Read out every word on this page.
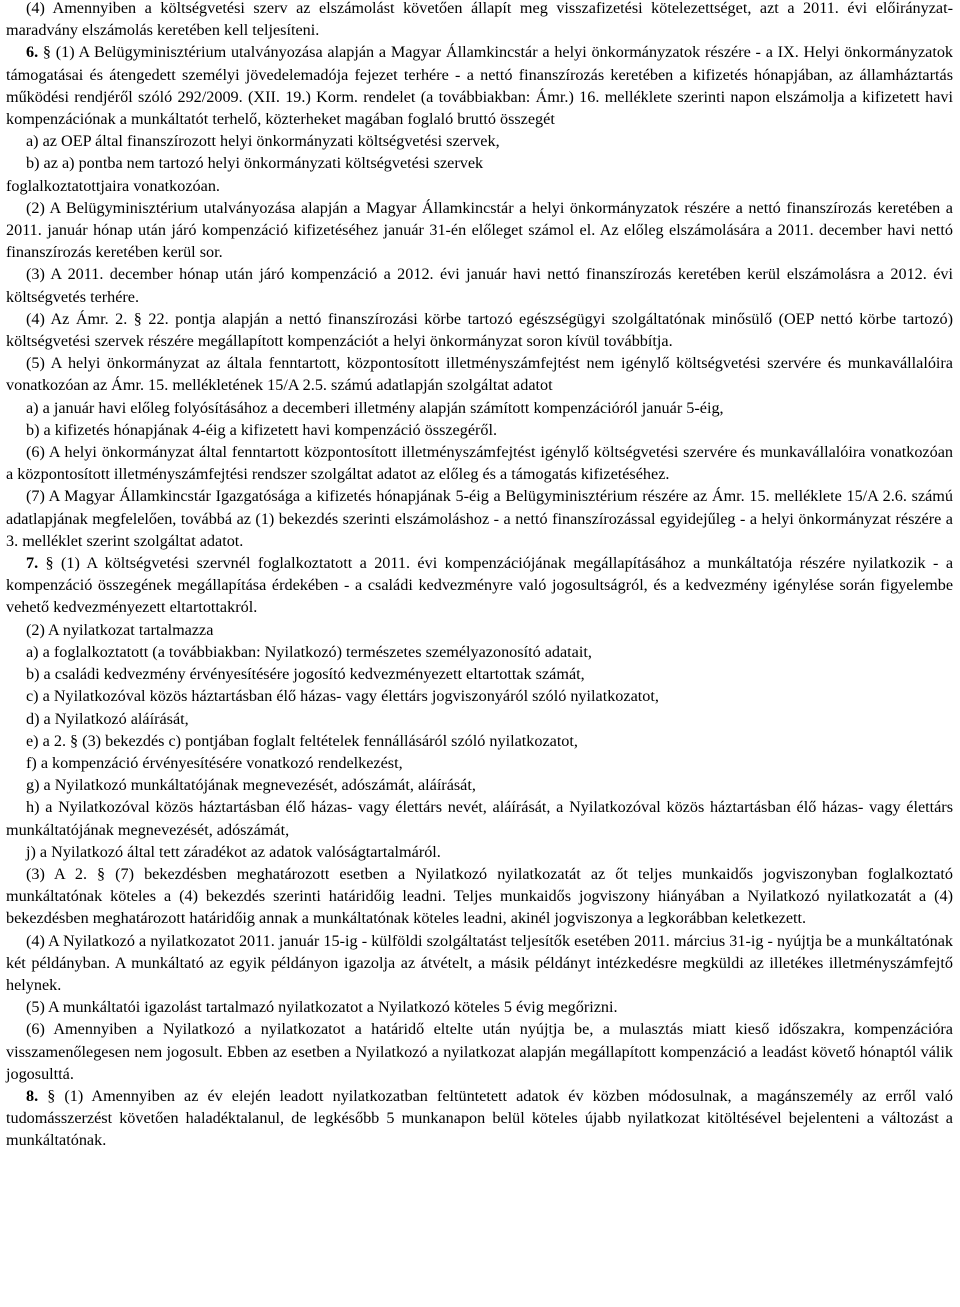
(4) Amennyiben a költségvetési szerv az elszámolást követően állapít meg visszafizetési kötelezettséget, azt a 2011. évi előirányzat-maradvány elszámolás keretében kell teljesíteni.

6. § (1) A Belügyminisztérium utalványozása alapján a Magyar Államkincstár a helyi önkormányzatok részére - a IX. Helyi önkormányzatok támogatásai és átengedett személyi jövedelemadója fejezet terhére - a nettó finanszírozás keretében a kifizetés hónapjában, az államháztartás működési rendjéről szóló 292/2009. (XII. 19.) Korm. rendelet (a továbbiakban: Ámr.) 16. melléklete szerinti napon elszámolja a kifizetett havi kompenzációnak a munkáltatót terhelő, közterheket magában foglaló bruttó összegét

a) az OEP által finanszírozott helyi önkormányzati költségvetési szervek,

b) az a) pontba nem tartozó helyi önkormányzati költségvetési szervek

foglalkoztatottjaira vonatkozóan.

(2) A Belügyminisztérium utalványozása alapján a Magyar Államkincstár a helyi önkormányzatok részére a nettó finanszírozás keretében a 2011. január hónap után járó kompenzáció kifizetéséhez január 31-én előleget számol el. Az előleg elszámolására a 2011. december havi nettó finanszírozás keretében kerül sor.

(3) A 2011. december hónap után járó kompenzáció a 2012. évi január havi nettó finanszírozás keretében kerül elszámolásra a 2012. évi költségvetés terhére.

(4) Az Ámr. 2. § 22. pontja alapján a nettó finanszírozási körbe tartozó egészségügyi szolgáltatónak minősülő (OEP nettó körbe tartozó) költségvetési szervek részére megállapított kompenzációt a helyi önkormányzat soron kívül továbbítja.

(5) A helyi önkormányzat az általa fenntartott, központosított illetményszámfejtést nem igénylő költségvetési szervére és munkavállalóira vonatkozóan az Ámr. 15. mellékletének 15/A 2.5. számú adatlapján szolgáltat adatot

a) a január havi előleg folyósításához a decemberi illetmény alapján számított kompenzációról január 5-éig,

b) a kifizetés hónapjának 4-éig a kifizetett havi kompenzáció összegéről.

(6) A helyi önkormányzat által fenntartott központosított illetményszámfejtést igénylő költségvetési szervére és munkavállalóira vonatkozóan a központosított illetményszámfejtési rendszer szolgáltat adatot az előleg és a támogatás kifizetéséhez.

(7) A Magyar Államkincstár Igazgatósága a kifizetés hónapjának 5-éig a Belügyminisztérium részére az Ámr. 15. melléklete 15/A 2.6. számú adatlapjának megfelelően, továbbá az (1) bekezdés szerinti elszámoláshoz - a nettó finanszírozással egyidejűleg - a helyi önkormányzat részére a 3. melléklet szerint szolgáltat adatot.

7. § (1) A költségvetési szervnél foglalkoztatott a 2011. évi kompenzációjának megállapításához a munkáltatója részére nyilatkozik - a kompenzáció összegének megállapítása érdekében - a családi kedvezményre való jogosultságról, és a kedvezmény igénylése során figyelembe vehető kedvezményezett eltartottakról.

(2) A nyilatkozat tartalmazza

a) a foglalkoztatott (a továbbiakban: Nyilatkozó) természetes személyazonosító adatait,

b) a családi kedvezmény érvényesítésére jogosító kedvezményezett eltartottak számát,

c) a Nyilatkozóval közös háztartásban élő házas- vagy élettárs jogviszonyáról szóló nyilatkozatot,

d) a Nyilatkozó aláírását,

e) a 2. § (3) bekezdés c) pontjában foglalt feltételek fennállásáról szóló nyilatkozatot,

f) a kompenzáció érvényesítésére vonatkozó rendelkezést,

g) a Nyilatkozó munkáltatójának megnevezését, adószámát, aláírását,

h) a Nyilatkozóval közös háztartásban élő házas- vagy élettárs nevét, aláírását, a Nyilatkozóval közös háztartásban élő házas- vagy élettárs munkáltatójának megnevezését, adószámát,

j) a Nyilatkozó által tett záradékot az adatok valóságtartalmáról.

(3) A 2. § (7) bekezdésben meghatározott esetben a Nyilatkozó nyilatkozatát az őt teljes munkaidős jogviszonyban foglalkoztató munkáltatónak köteles a (4) bekezdés szerinti határidőig leadni. Teljes munkaidős jogviszony hiányában a Nyilatkozó nyilatkozatát a (4) bekezdésben meghatározott határidőig annak a munkáltatónak köteles leadni, akinél jogviszonya a legkorábban keletkezett.

(4) A Nyilatkozó a nyilatkozatot 2011. január 15-ig - külföldi szolgáltatást teljesítők esetében 2011. március 31-ig - nyújtja be a munkáltatónak két példányban. A munkáltató az egyik példányon igazolja az átvételt, a másik példányt intézkedésre megküldi az illetékes illetményszámfejtő helynek.

(5) A munkáltatói igazolást tartalmazó nyilatkozatot a Nyilatkozó köteles 5 évig megőrizni.

(6) Amennyiben a Nyilatkozó a nyilatkozatot a határidő eltelte után nyújtja be, a mulasztás miatt kieső időszakra, kompenzációra visszamenőlegesen nem jogosult. Ebben az esetben a Nyilatkozó a nyilatkozat alapján megállapított kompenzáció a leadást követő hónaptól válik jogosulttá.

8. § (1) Amennyiben az év elején leadott nyilatkozatban feltüntetett adatok év közben módosulnak, a magánszemély az erről való tudomásszerzést követően haladéktalanul, de legkésőbb 5 munkanapon belül köteles újabb nyilatkozat kitöltésével bejelenteni a változást a munkáltatónak.
